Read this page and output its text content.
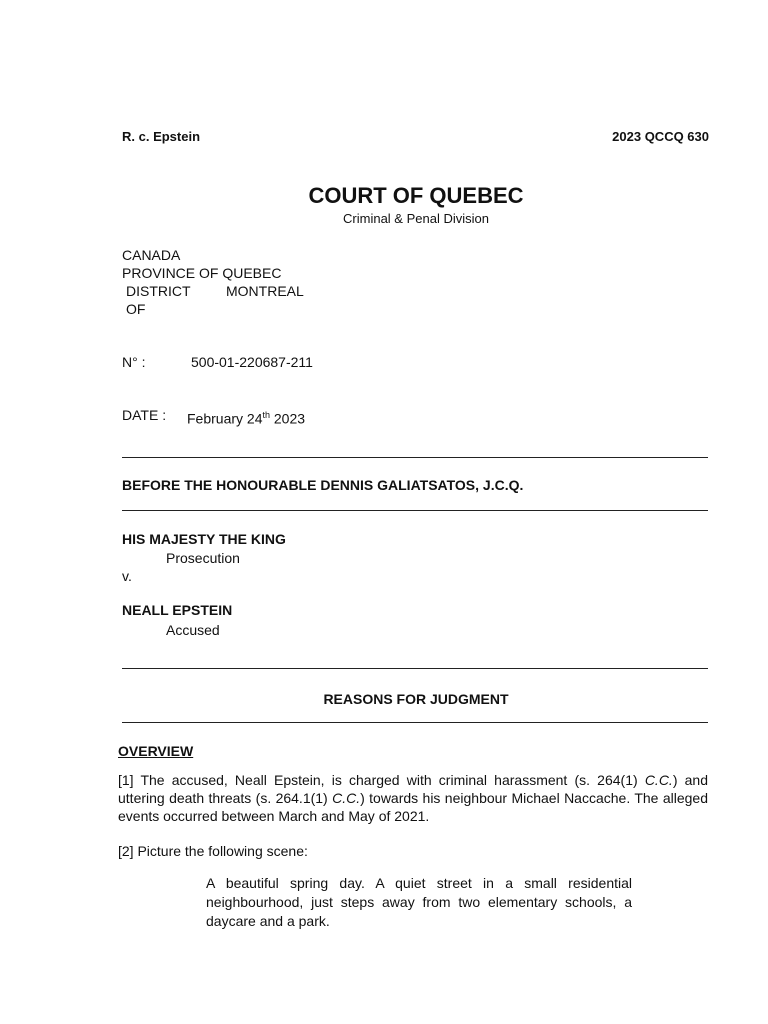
R. c. Epstein	2023 QCCQ 630
COURT OF QUEBEC
Criminal & Penal Division
CANADA
PROVINCE OF QUEBEC
DISTRICT
OF
MONTREAL
N° :	500-01-220687-211
DATE : February 24th 2023
BEFORE THE HONOURABLE DENNIS GALIATSATOS, J.C.Q.
HIS MAJESTY THE KING
Prosecution
v.
NEALL EPSTEIN
Accused
REASONS FOR JUDGMENT
OVERVIEW
[1] The accused, Neall Epstein, is charged with criminal harassment (s. 264(1) C.C.) and uttering death threats (s. 264.1(1) C.C.) towards his neighbour Michael Naccache. The alleged events occurred between March and May of 2021.
[2] Picture the following scene:
A beautiful spring day. A quiet street in a small residential neighbourhood, just steps away from two elementary schools, a daycare and a park.
